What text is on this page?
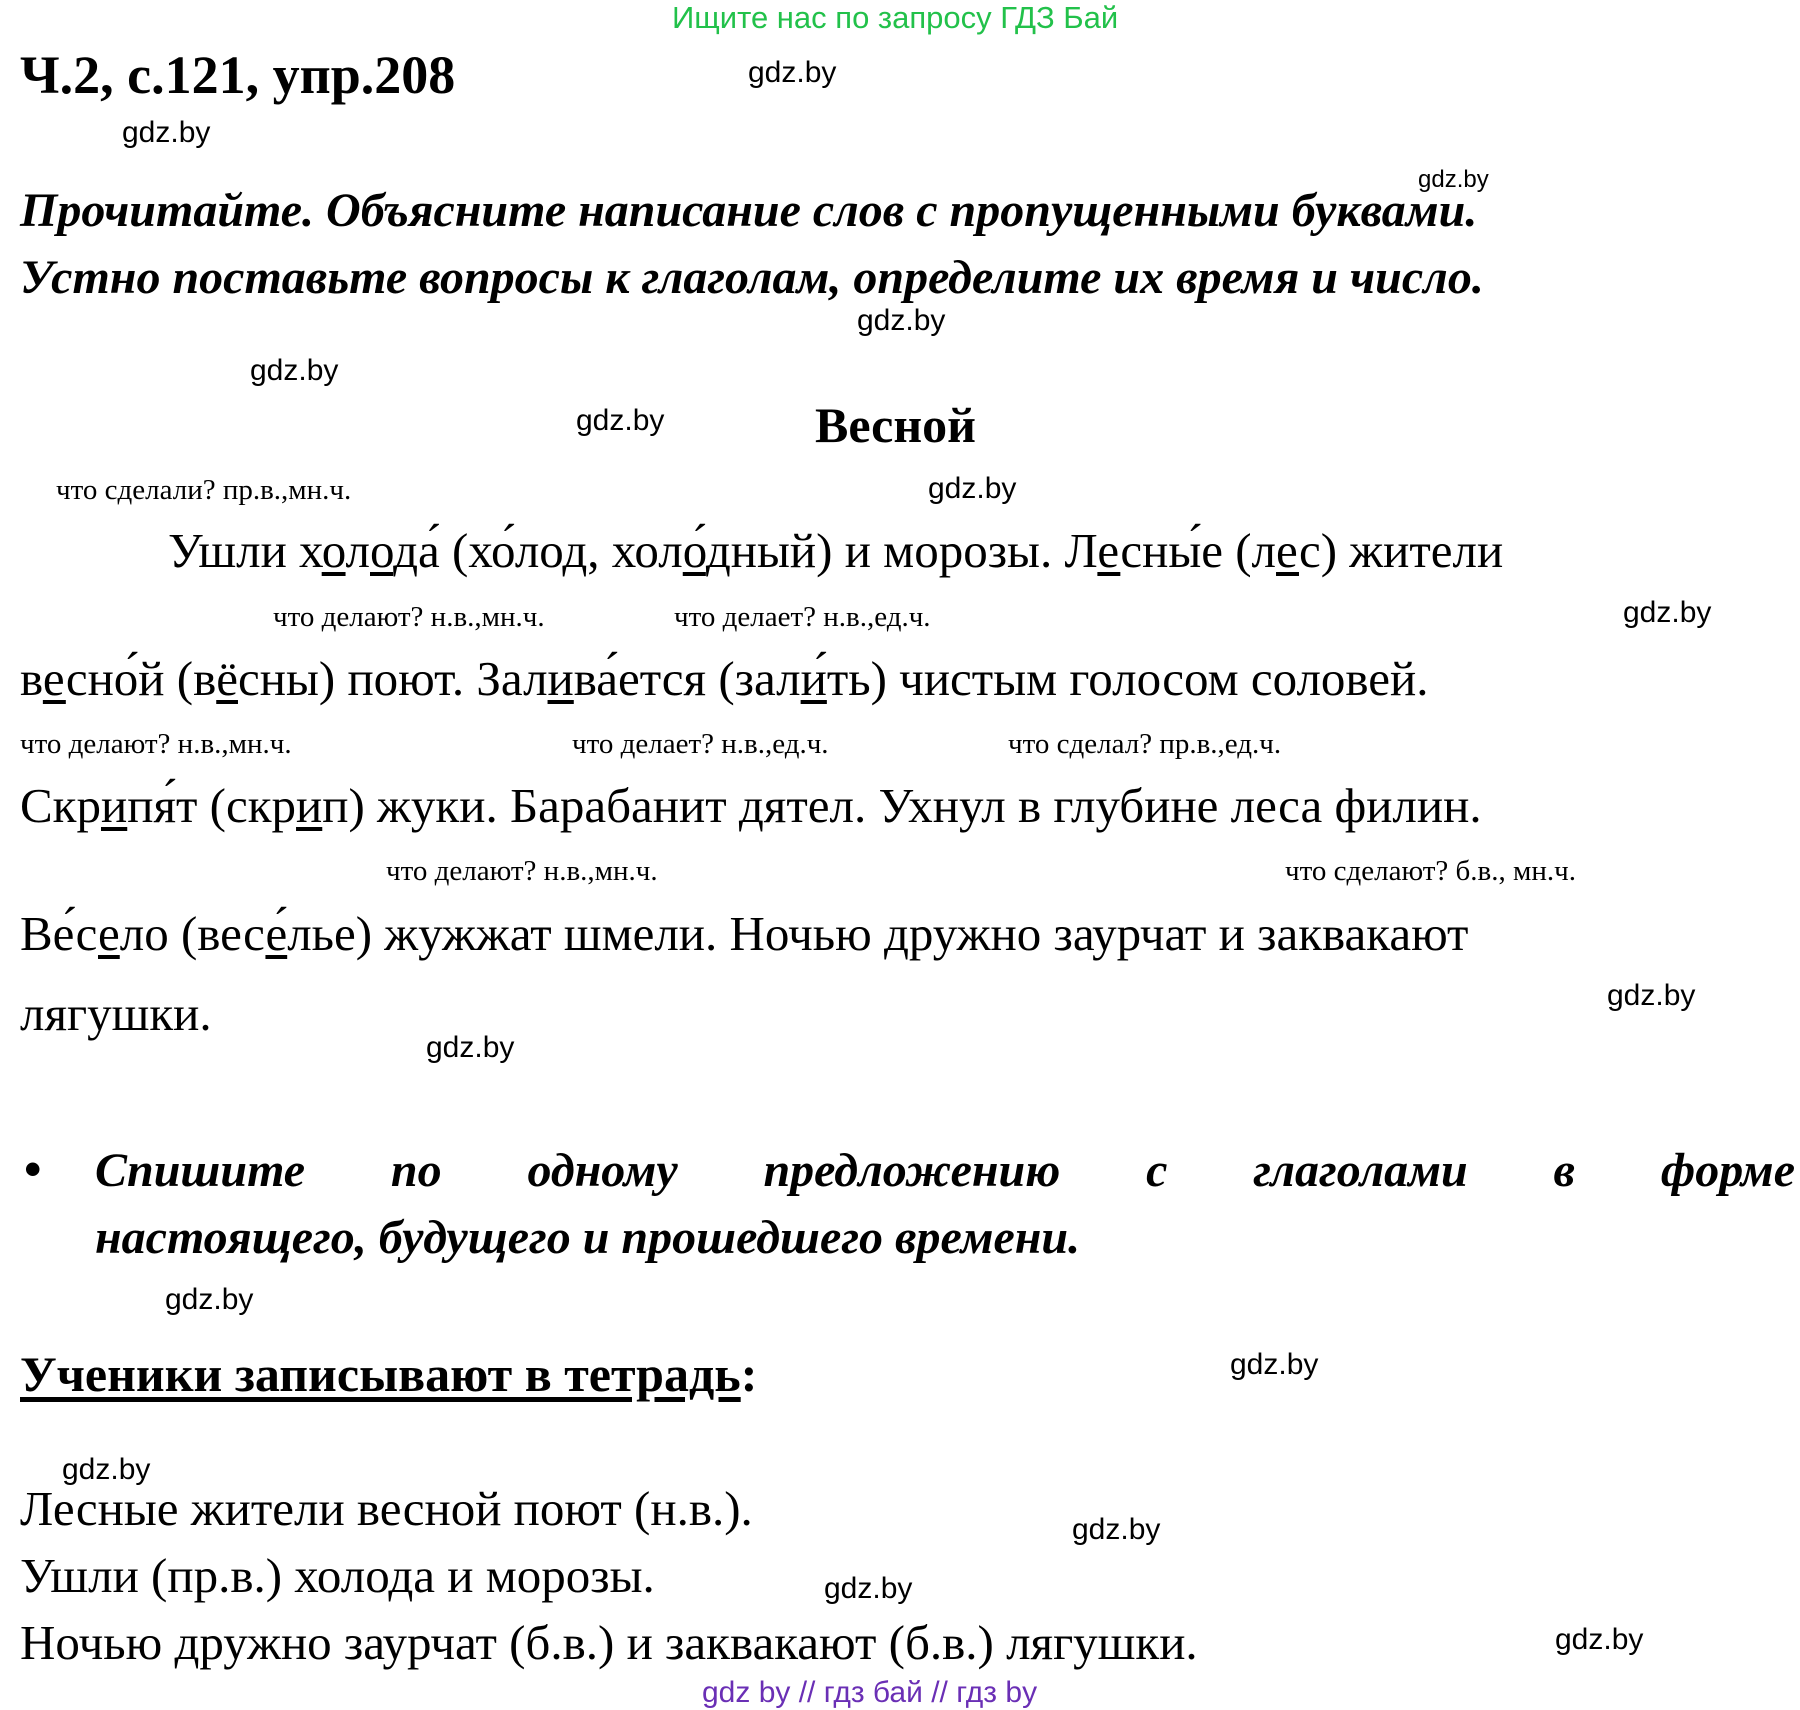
Ищите нас по запросу ГДЗ Бай
Ч.2, с.121, упр.208
Прочитайте. Объясните написание слов с пропущенными буквами.
Устно поставьте вопросы к глаголам, определите их время и число.
Весной
что сделали? пр.в.,мн.ч.
Ушли холода́ (хо́лод, холо́дный) и морозы. Лесны́е (лес) жители
что делают? н.в.,мн.ч.	что делает? н.в.,ед.ч.
весно́й (вёсны) поют. Залива́ется (зали́ть) чистым голосом соловей.
что делают? н.в.,мн.ч.	что делает? н.в.,ед.ч.	что сделал? пр.в.,ед.ч.
Скрипя́т (скрип) жуки. Барабанит дятел. Ухнул в глубине леса филин.
что делают? н.в.,мн.ч.	что сделают? б.в., мн.ч.
Ве́село (весе́лье) жужжат шмели. Ночью дружно заурчат и заквакают
лягушки.
• Спишите по одному предложению с глаголами в форме
настоящего, будущего и прошедшего времени.
Ученики записывают в тетрадь:
Лесные жители весной поют (н.в.).
Ушли (пр.в.) холода и морозы.
Ночью дружно заурчат (б.в.) и заквакают (б.в.) лягушки.
gdz.by
gdz.by
gdz.by
gdz.by
gdz.by
gdz.by
gdz.by
gdz.by
gdz.by
gdz.by
gdz.by
gdz.by
gdz.by
gdz.by
gdz.by
gdz.by
gdz by // гдз бай // гдз by
